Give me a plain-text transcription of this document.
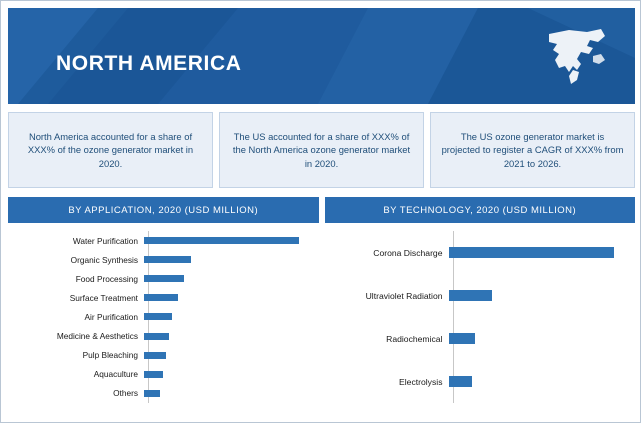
NORTH AMERICA
North America accounted for a share of XXX% of the ozone generator market in 2020.
The US accounted for a share of XXX% of the North America ozone generator market in 2020.
The US ozone generator market is projected to register a CAGR of XXX% from 2021 to 2026.
BY APPLICATION, 2020 (USD MILLION)
Water Purification
Organic Synthesis
Food Processing
Surface Treatment
Air Purification
Medicine & Aesthetics
Pulp Bleaching
Aquaculture
Others
BY TECHNOLOGY, 2020 (USD MILLION)
Corona Discharge
Ultraviolet Radiation
Radiochemical
Electrolysis
